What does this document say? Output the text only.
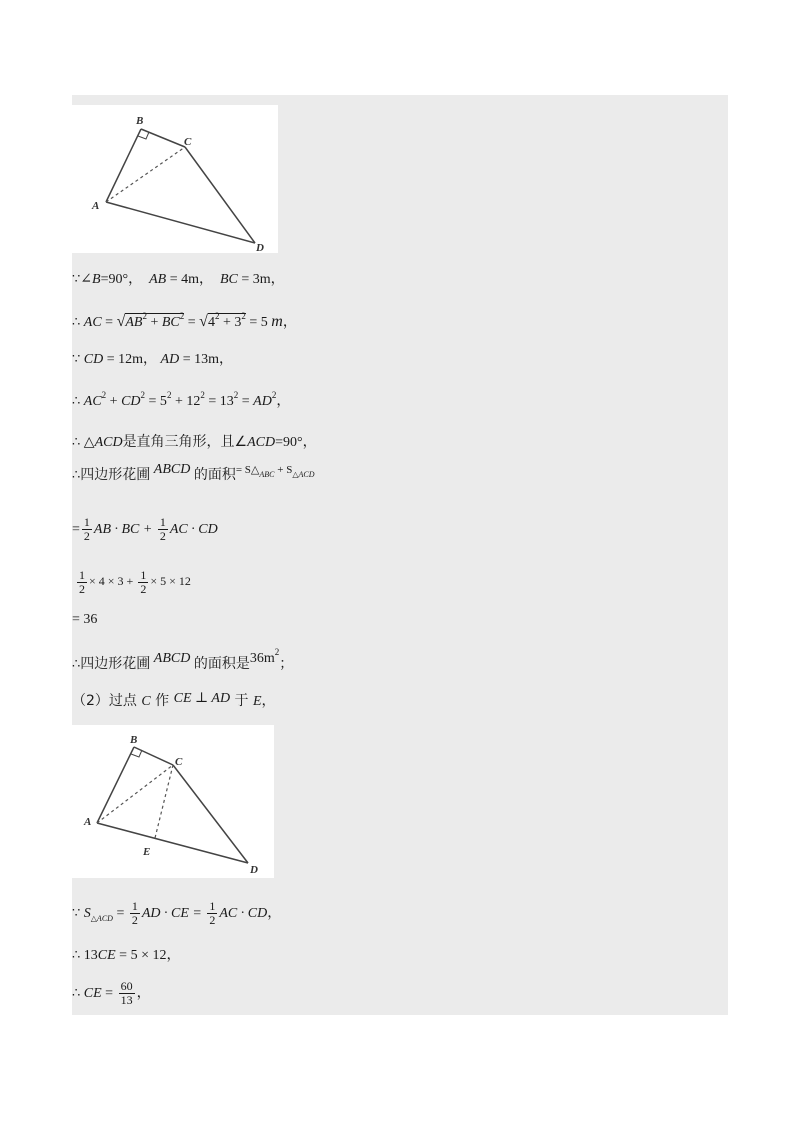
B
C
A
D
∵∠B=90°， AB = 4m， BC = 3m，
∴ AC = $√AB^2 + BC^2 = √4^2 + 3^2 = 5$ m，
∵ CD = 12m， AD = 13m，
∴ $AC^2 + CD^2 = 5^2 + 12^2 = 13^2 = AD^2$，
∴ △ACD是直角三角形，且∠ACD=90°，
∴四边形花圃 ABCD 的面积$^{= S\triangle_{ABC} + S_{\triangle ACD}}$
= $\frac{1}{2}$ AB · BC + $\frac{1}{2}$ AC · CD

$\frac{1}{2} \times 4 \times 3 + \frac{1}{2} \times 5 \times 12$
= 36
∴四边形花圃 ABCD 的面积是$36m^2$；
（2）过点 C 作 CE ⊥ AD 于 E，
B
C
A
D
E
∵ $S_{\triangle ACD} = \frac{1}{2}$ AD · CE = $\frac{1}{2}$ AC · CD，
∴ 13CE = 5 × 12，
∴ CE = $\frac{60}{13}$ ，
